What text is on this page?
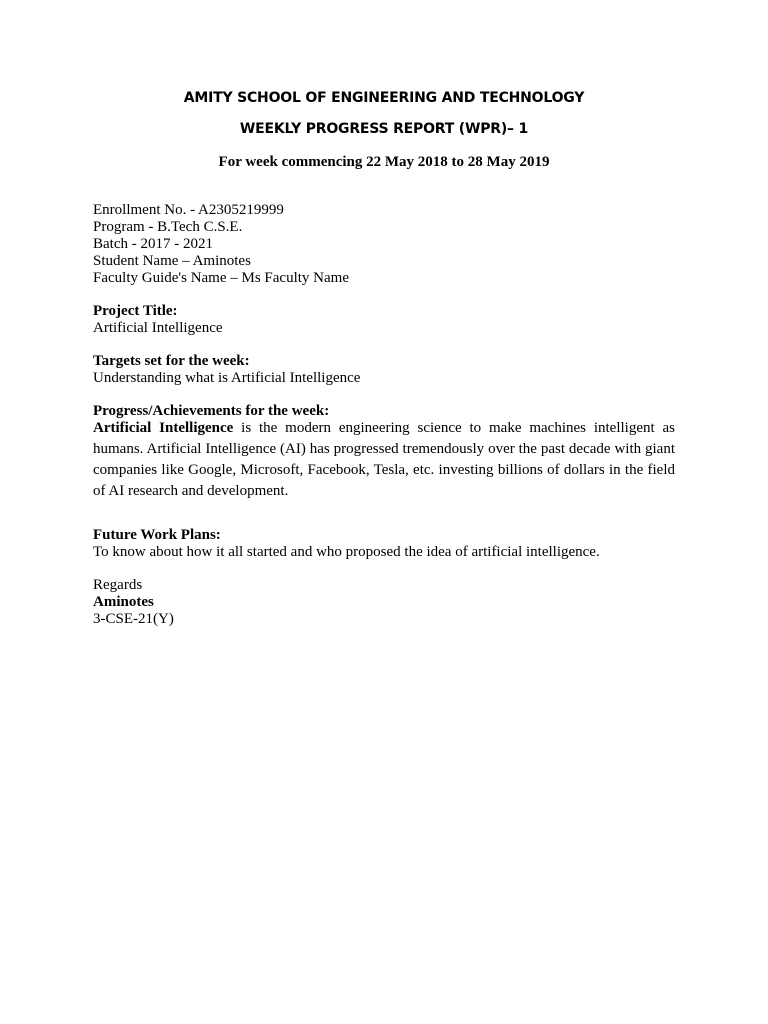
AMITY SCHOOL OF ENGINEERING AND TECHNOLOGY
WEEKLY PROGRESS REPORT (WPR)– 1
For week commencing 22 May 2018 to 28 May 2019
Enrollment No. - A2305219999
Program - B.Tech C.S.E.
Batch - 2017 - 2021
Student Name – Aminotes
Faculty Guide's Name – Ms Faculty Name
Project Title:
Artificial Intelligence
Targets set for the week:
Understanding what is Artificial Intelligence
Progress/Achievements for the week:
Artificial Intelligence is the modern engineering science to make machines intelligent as humans. Artificial Intelligence (AI) has progressed tremendously over the past decade with giant companies like Google, Microsoft, Facebook, Tesla, etc. investing billions of dollars in the field of AI research and development.
Future Work Plans:
To know about how it all started and who proposed the idea of artificial intelligence.
Regards
Aminotes
3-CSE-21(Y)
